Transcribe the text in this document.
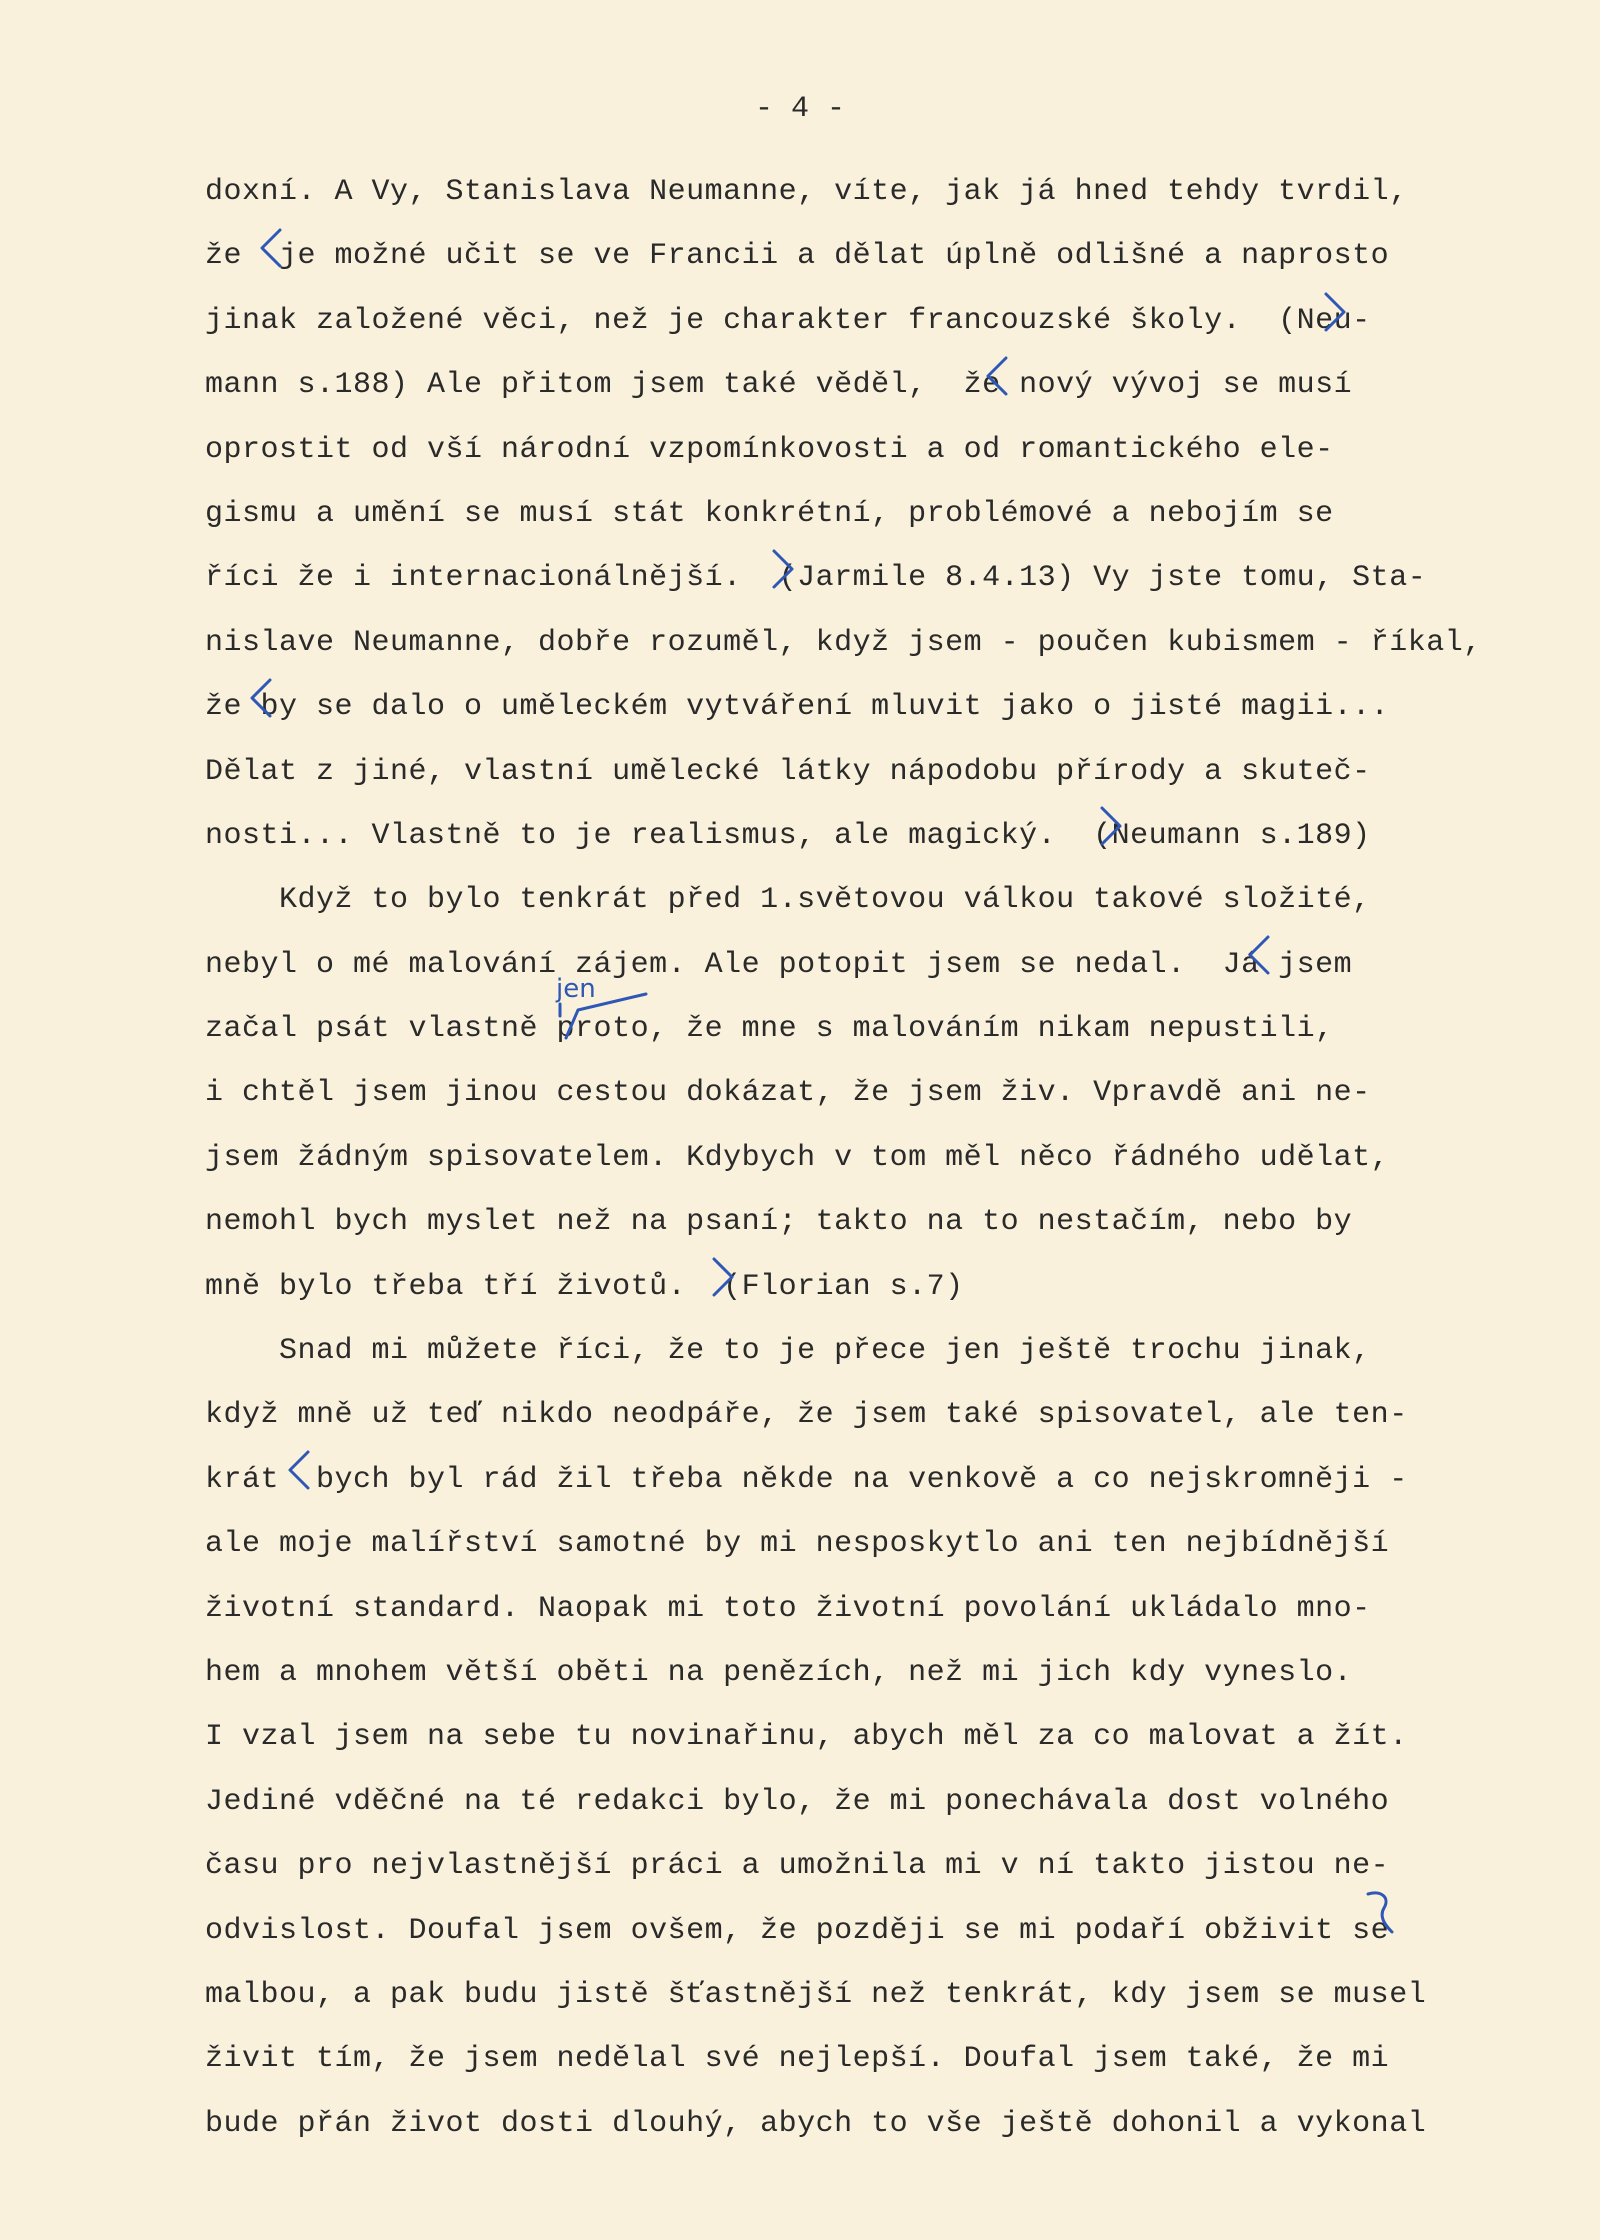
- 4 -
doxní. A Vy, Stanislava Neumanne, víte, jak já hned tehdy tvrdil,
že  je možné učit se ve Francii a dělat úplně odlišné a naprosto
jinak založené věci, než je charakter francouzské školy.  (Neu-
mann s.188) Ale přitom jsem také věděl,  že nový vývoj se musí
oprostit od vší národní vzpomínkovosti a od romantického ele-
gismu a umění se musí stát konkrétní, problémové a nebojím se
říci že i internacionálnější.  (Jarmile 8.4.13) Vy jste tomu, Sta-
nislave Neumanne, dobře rozuměl, když jsem - poučen kubismem - říkal,
že by se dalo o uměleckém vytváření mluvit jako o jisté magii...
Dělat z jiné, vlastní umělecké látky nápodobu přírody a skuteč-
nosti... Vlastně to je realismus, ale magický.  (Neumann s.189)
Když to bylo tenkrát před 1.světovou válkou takové složité,
nebyl o mé malování zájem. Ale potopit jsem se nedal.  Já jsem
začal psát vlastně proto, že mne s malováním nikam nepustili,
i chtěl jsem jinou cestou dokázat, že jsem živ. Vpravdě ani ne-
jsem žádným spisovatelem. Kdybych v tom měl něco řádného udělat,
nemohl bych myslet než na psaní; takto na to nestačím, nebo by
mně bylo třeba tří životů.  (Florian s.7)
Snad mi můžete říci, že to je přece jen ještě trochu jinak,
když mně už teď nikdo neodpáře, že jsem také spisovatel, ale ten-
krát  bych byl rád žil třeba někde na venkově a co nejskromněji -
ale moje malířství samotné by mi nesposkytlo ani ten nejbídnější
životní standard. Naopak mi toto životní povolání ukládalo mno-
hem a mnohem větší oběti na penězích, než mi jich kdy vyneslo.
I vzal jsem na sebe tu novinařinu, abych měl za co malovat a žít.
Jediné vděčné na té redakci bylo, že mi ponechávala dost volného
času pro nejvlastnější práci a umožnila mi v ní takto jistou ne-
odvislost. Doufal jsem ovšem, že později se mi podaří obživit se
malbou, a pak budu jistě šťastnější než tenkrát, kdy jsem se musel
živit tím, že jsem nedělal své nejlepší. Doufal jsem také, že mi
bude přán život dosti dlouhý, abych to vše ještě dohonil a vykonal
jen
